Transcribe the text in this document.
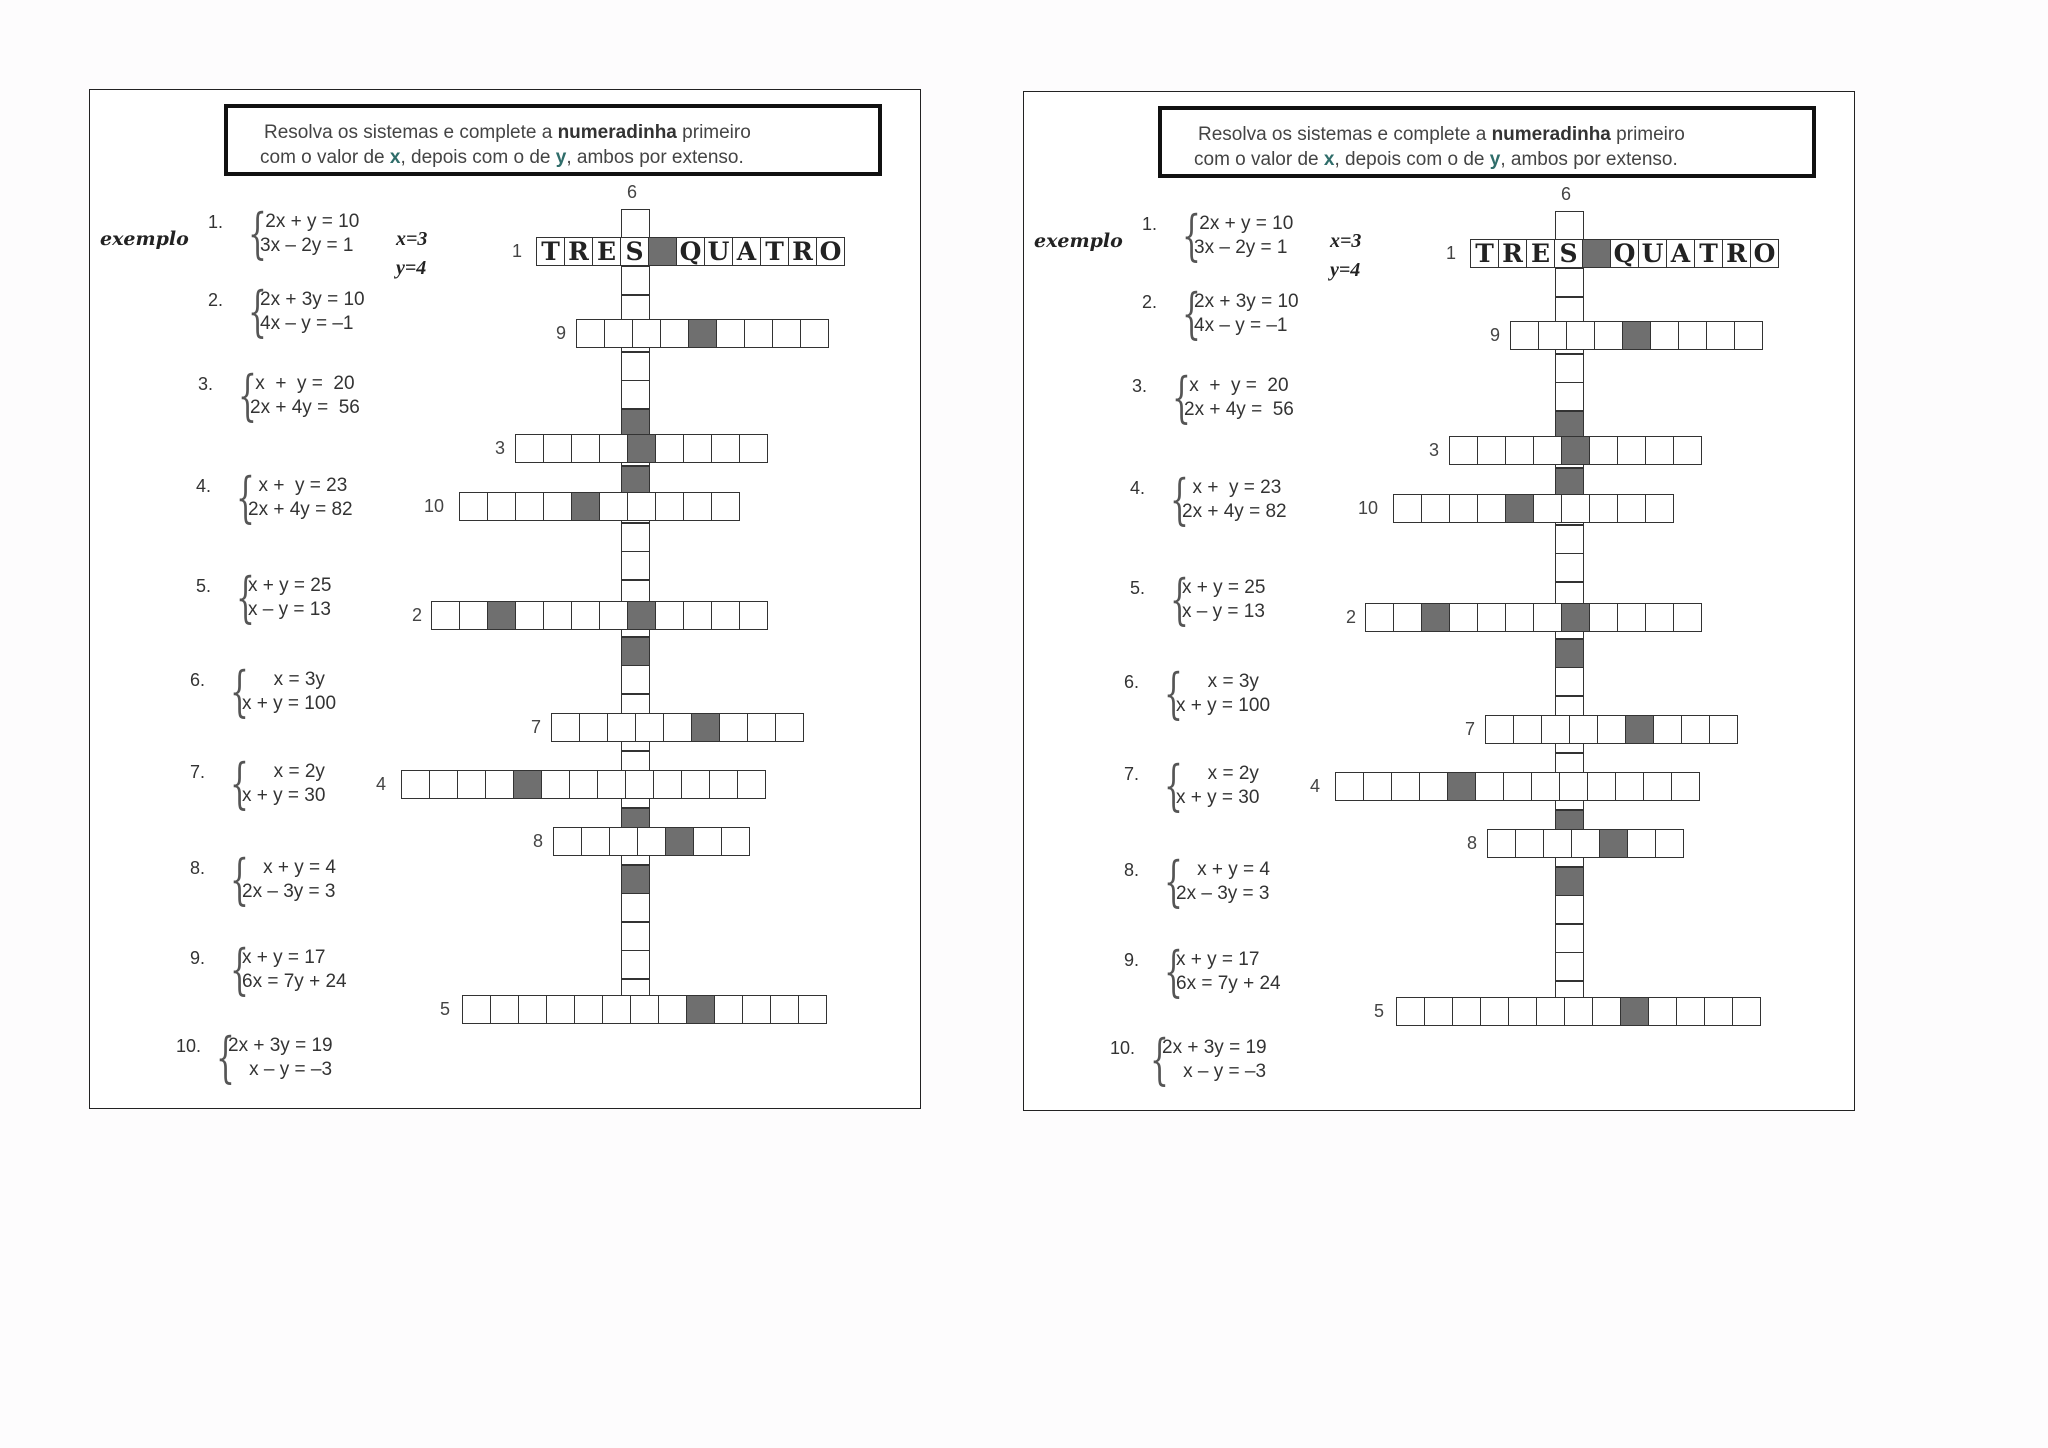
Resolva os sistemas e complete a numeradinha primeiro
com o valor de x, depois com o de y, ambos por extenso.
exemplo	x=3
y=4
1. {
2x + y = 10
3x – 2y = 1
2. {
2x + 3y = 10
4x – y = –1
3. {
x  +  y =  20
2x + 4y =  56
4. {
x +  y = 23
2x + 4y = 82
5. {
x + y = 25
x – y = 13
6. {
x = 3y
x + y = 100
7. {
x = 2y
x + y = 30
8. {
x + y = 4
2x – 3y = 3
9. {
x + y = 17
6x = 7y + 24
10. {
2x + 3y = 19
x – y = –3
6
T R E S Q U A T R O
1
9
3
10
2
7
4
8
5
Resolva os sistemas e complete a numeradinha primeiro
com o valor de x, depois com o de y, ambos por extenso.
exemplo	x=3
y=4
1. {
2x + y = 10
3x – 2y = 1
2. {
2x + 3y = 10
4x – y = –1
3. {
x  +  y =  20
2x + 4y =  56
4. {
x +  y = 23
2x + 4y = 82
5. {
x + y = 25
x – y = 13
6. {
x = 3y
x + y = 100
7. {
x = 2y
x + y = 30
8. {
x + y = 4
2x – 3y = 3
9. {
x + y = 17
6x = 7y + 24
10. {
2x + 3y = 19
x – y = –3
6
T R E S Q U A T R O
1
9
3
10
2
7
4
8
5
